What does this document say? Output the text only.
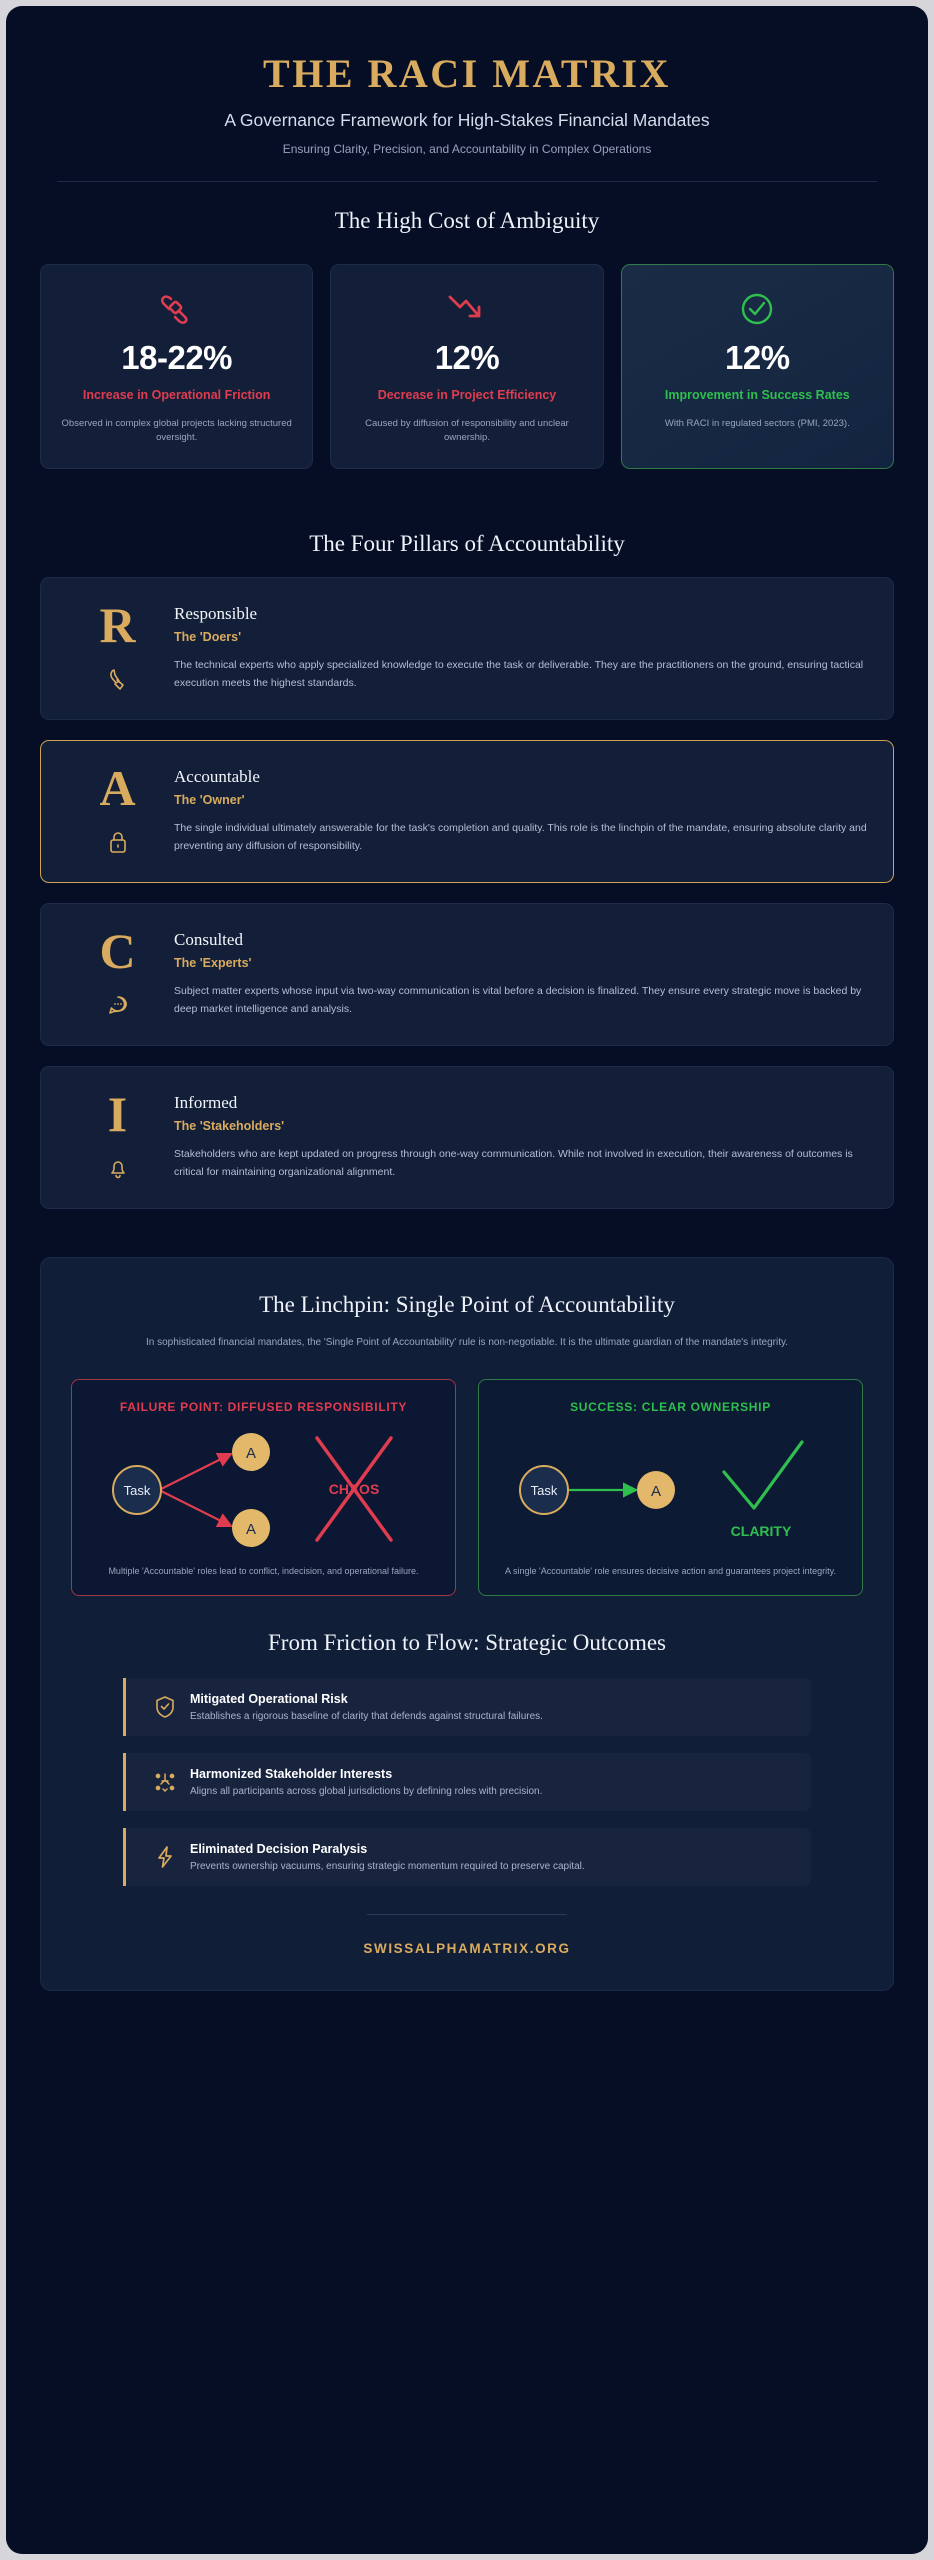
THE RACI MATRIX
A Governance Framework for High-Stakes Financial Mandates
Ensuring Clarity, Precision, and Accountability in Complex Operations
The High Cost of Ambiguity
18-22%
Increase in Operational Friction
Observed in complex global projects lacking structured oversight.
12%
Decrease in Project Efficiency
Caused by diffusion of responsibility and unclear ownership.
12%
Improvement in Success Rates
With RACI in regulated sectors (PMI, 2023).
The Four Pillars of Accountability
R	Responsible
The 'Doers'
The technical experts who apply specialized knowledge to execute the task or deliverable. They are the practitioners on the ground, ensuring tactical execution meets the highest standards.
A	Accountable
The 'Owner'
The single individual ultimately answerable for the task's completion and quality. This role is the linchpin of the mandate, ensuring absolute clarity and preventing any diffusion of responsibility.
C	Consulted
The 'Experts'
Subject matter experts whose input via two-way communication is vital before a decision is finalized. They ensure every strategic move is backed by deep market intelligence and analysis.
I	Informed
The 'Stakeholders'
Stakeholders who are kept updated on progress through one-way communication. While not involved in execution, their awareness of outcomes is critical for maintaining organizational alignment.
The Linchpin: Single Point of Accountability
In sophisticated financial mandates, the 'Single Point of Accountability' rule is non-negotiable. It is the ultimate guardian of the mandate's integrity.
FAILURE POINT: DIFFUSED RESPONSIBILITY
Task
A
A
CHAOS
Multiple 'Accountable' roles lead to conflict, indecision, and operational failure.
SUCCESS: CLEAR OWNERSHIP
Task	A
CLARITY
A single 'Accountable' role ensures decisive action and guarantees project integrity.
From Friction to Flow: Strategic Outcomes
Mitigated Operational Risk
Establishes a rigorous baseline of clarity that defends against structural failures.
Harmonized Stakeholder Interests
Aligns all participants across global jurisdictions by defining roles with precision.
Eliminated Decision Paralysis
Prevents ownership vacuums, ensuring strategic momentum required to preserve capital.
SWISSALPHAMATRIX.ORG
